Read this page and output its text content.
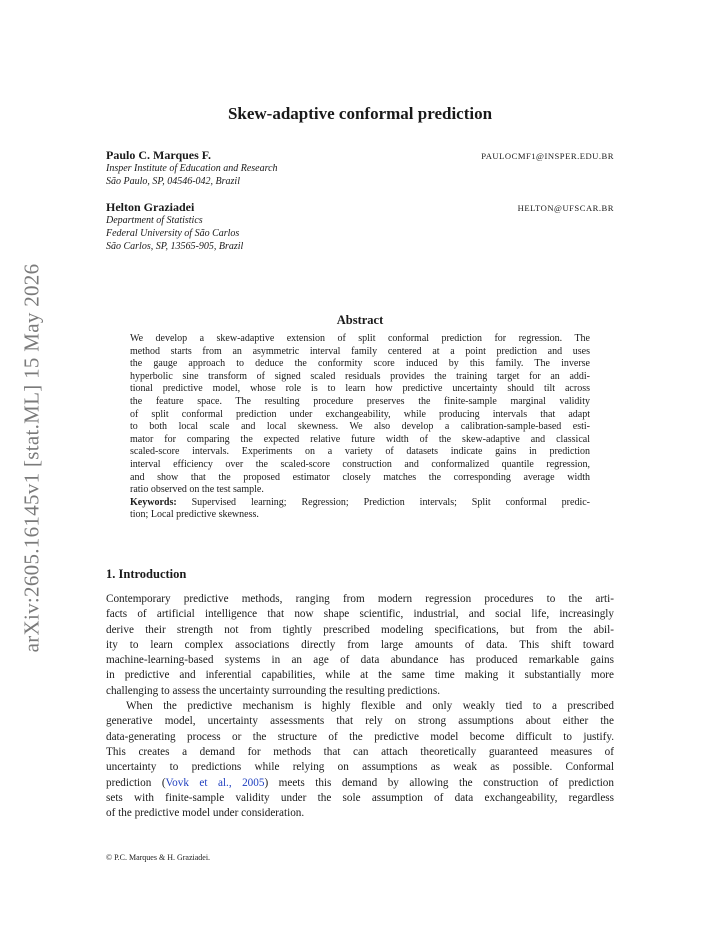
arXiv:2605.16145v1 [stat.ML] 15 May 2026
Skew-adaptive conformal prediction
Paulo C. Marques F.	PAULOCMF1@INSPER.EDU.BR
Insper Institute of Education and Research
São Paulo, SP, 04546-042, Brazil
Helton Graziadei	HELTON@UFSCAR.BR
Department of Statistics
Federal University of São Carlos
São Carlos, SP, 13565-905, Brazil
Abstract
We develop a skew-adaptive extension of split conformal prediction for regression. The
method starts from an asymmetric interval family centered at a point prediction and uses
the gauge approach to deduce the conformity score induced by this family. The inverse
hyperbolic sine transform of signed scaled residuals provides the training target for an addi-
tional predictive model, whose role is to learn how predictive uncertainty should tilt across
the feature space. The resulting procedure preserves the finite-sample marginal validity
of split conformal prediction under exchangeability, while producing intervals that adapt
to both local scale and local skewness. We also develop a calibration-sample-based esti-
mator for comparing the expected relative future width of the skew-adaptive and classical
scaled-score intervals. Experiments on a variety of datasets indicate gains in prediction
interval efficiency over the scaled-score construction and conformalized quantile regression,
and show that the proposed estimator closely matches the corresponding average width
ratio observed on the test sample.
Keywords: Supervised learning; Regression; Prediction intervals; Split conformal predic-
tion; Local predictive skewness.
1. Introduction
Contemporary predictive methods, ranging from modern regression procedures to the arti-
facts of artificial intelligence that now shape scientific, industrial, and social life, increasingly
derive their strength not from tightly prescribed modeling specifications, but from the abil-
ity to learn complex associations directly from large amounts of data. This shift toward
machine-learning-based systems in an age of data abundance has produced remarkable gains
in predictive and inferential capabilities, while at the same time making it substantially more
challenging to assess the uncertainty surrounding the resulting predictions.
When the predictive mechanism is highly flexible and only weakly tied to a prescribed
generative model, uncertainty assessments that rely on strong assumptions about either the
data-generating process or the structure of the predictive model become difficult to justify.
This creates a demand for methods that can attach theoretically guaranteed measures of
uncertainty to predictions while relying on assumptions as weak as possible. Conformal
prediction (Vovk et al., 2005) meets this demand by allowing the construction of prediction
sets with finite-sample validity under the sole assumption of data exchangeability, regardless
of the predictive model under consideration.
© P.C. Marques & H. Graziadei.
